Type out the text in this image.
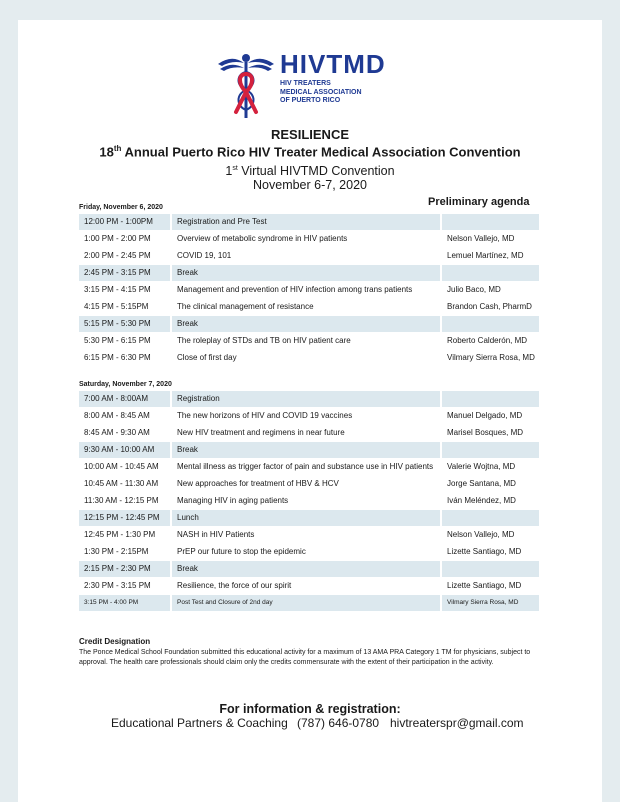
HIVTMD
HIV TREATERS
MEDICAL ASSOCIATION
OF PUERTO RICO
RESILIENCE
18th Annual Puerto Rico HIV Treater Medical Association Convention
1st Virtual HIVTMD Convention
November 6-7, 2020
Preliminary agenda
Friday, November 6, 2020
12:00 PM - 1:00PM	Registration and Pre Test
1:00 PM - 2:00 PM	Overview of metabolic syndrome in HIV patients	Nelson Vallejo, MD
2:00 PM - 2:45 PM	COVID 19, 101	Lemuel Martínez, MD
2:45 PM - 3:15 PM	Break
3:15 PM - 4:15 PM	Management and prevention of HIV infection among trans patients	Julio Baco, MD
4:15 PM - 5:15PM	The clinical management of resistance	Brandon Cash, PharmD
5:15 PM - 5:30 PM	Break
5:30 PM - 6:15 PM	The roleplay of STDs and TB on HIV patient care	Roberto Calderón, MD
6:15 PM - 6:30 PM	Close of first day	Vilmary Sierra Rosa, MD
Saturday, November 7, 2020
7:00 AM - 8:00AM	Registration
8:00 AM - 8:45 AM	The new horizons of HIV and COVID 19 vaccines	Manuel Delgado, MD
8:45 AM - 9:30 AM	New HIV treatment and regimens in near future	Marisel Bosques, MD
9:30 AM - 10:00 AM	Break
10:00 AM - 10:45 AM	Mental illness as trigger factor of pain and substance use in HIV patients	Valerie Wojtna, MD
10:45 AM - 11:30 AM	New approaches for treatment of HBV & HCV	Jorge Santana, MD
11:30 AM - 12:15 PM	Managing HIV in aging patients	Iván Meléndez, MD
12:15 PM - 12:45 PM	Lunch
12:45 PM - 1:30 PM	NASH in HIV Patients	Nelson Vallejo, MD
1:30 PM - 2:15PM	PrEP our future to stop the epidemic	Lizette Santiago, MD
2:15 PM - 2:30 PM	Break
2:30 PM - 3:15 PM	Resilience, the force of our spirit	Lizette Santiago, MD
3:15 PM - 4:00 PM	Post Test and Closure of 2nd day	Vilmary Sierra Rosa, MD
Credit Designation
The Ponce Medical School Foundation submitted this educational activity for a maximum of 13 AMA PRA Category 1 TM for physicians, subject to approval. The health care professionals should claim only the credits commensurate with the extent of their participation in the activity.
For information & registration:
Educational Partners & Coaching (787) 646-0780 hivtreaterspr@gmail.com
